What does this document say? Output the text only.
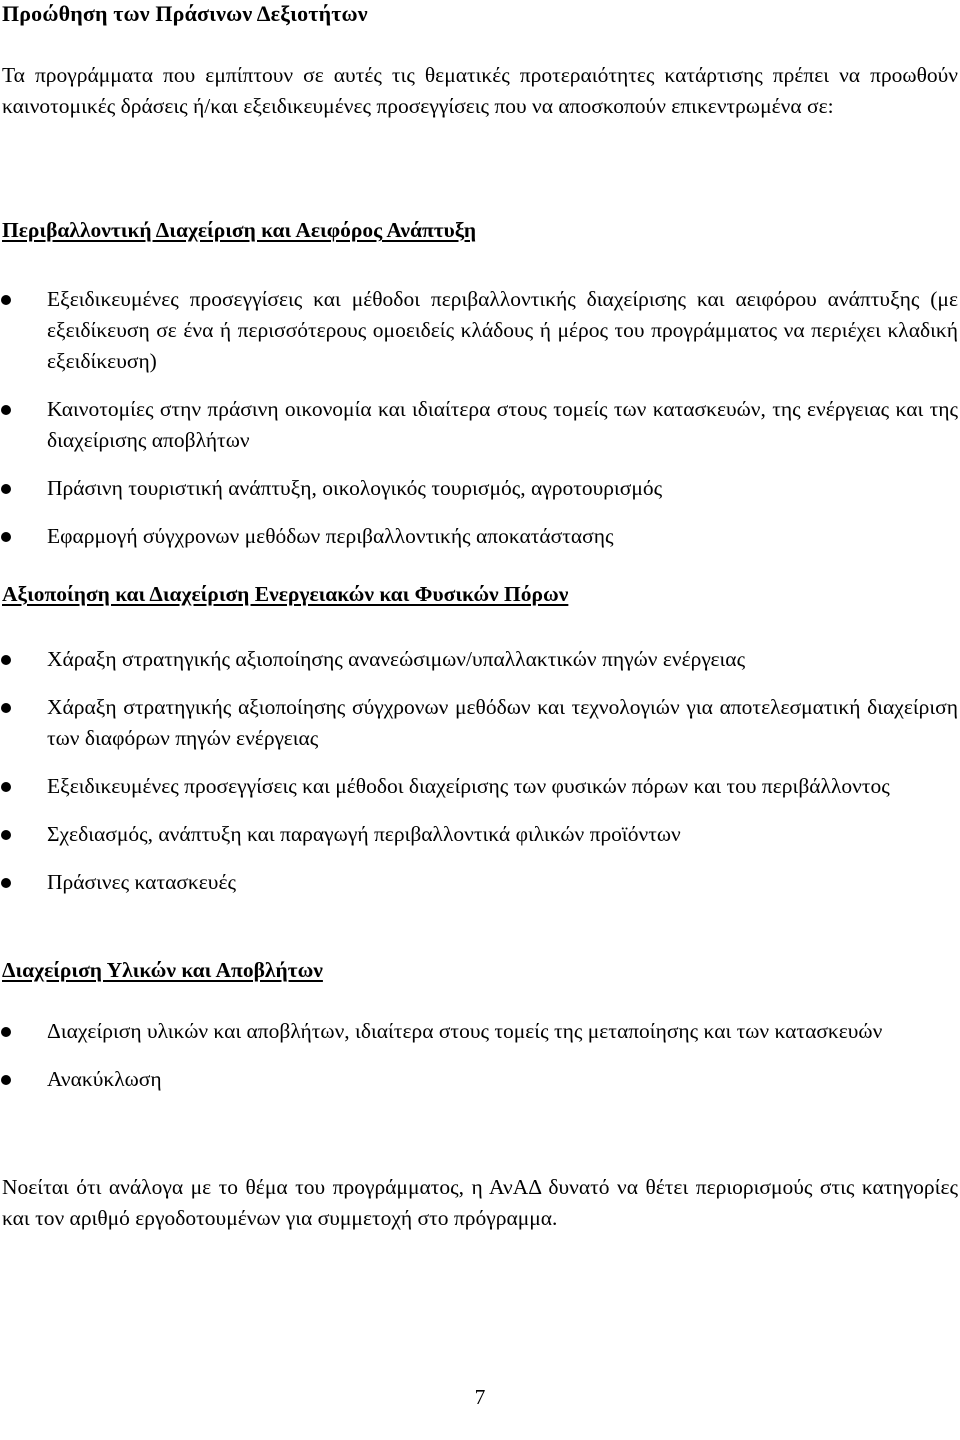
Προώθηση των Πράσινων Δεξιοτήτων

Τα προγράμματα που εμπίπτουν σε αυτές τις θεματικές προτεραιότητες κατάρτισης πρέπει να προωθούν καινοτομικές δράσεις ή/και εξειδικευμένες προσεγγίσεις που να αποσκοπούν επικεντρωμένα σε:

Περιβαλλοντική Διαχείριση και Αειφόρος Ανάπτυξη
Εξειδικευμένες προσεγγίσεις και μέθοδοι περιβαλλοντικής διαχείρισης και αειφόρου ανάπτυξης (με εξειδίκευση σε ένα ή περισσότερους ομοειδείς κλάδους ή μέρος του προγράμματος να περιέχει κλαδική εξειδίκευση)
Καινοτομίες στην πράσινη οικονομία και ιδιαίτερα στους τομείς των κατασκευών, της ενέργειας και της διαχείρισης αποβλήτων
Πράσινη τουριστική ανάπτυξη, οικολογικός τουρισμός, αγροτουρισμός
Εφαρμογή σύγχρονων μεθόδων περιβαλλοντικής αποκατάστασης
Αξιοποίηση και Διαχείριση Ενεργειακών και Φυσικών Πόρων
Χάραξη στρατηγικής αξιοποίησης ανανεώσιμων/υπαλλακτικών πηγών ενέργειας
Χάραξη στρατηγικής αξιοποίησης σύγχρονων μεθόδων και τεχνολογιών για αποτελεσματική διαχείριση των διαφόρων πηγών ενέργειας
Εξειδικευμένες προσεγγίσεις και μέθοδοι διαχείρισης των φυσικών πόρων και του περιβάλλοντος
Σχεδιασμός, ανάπτυξη και παραγωγή περιβαλλοντικά φιλικών προϊόντων
Πράσινες κατασκευές
Διαχείριση Υλικών και Αποβλήτων
Διαχείριση υλικών και αποβλήτων, ιδιαίτερα στους τομείς της μεταποίησης και των κατασκευών
Ανακύκλωση

Νοείται ότι ανάλογα με το θέμα του προγράμματος, η ΑνΑΔ δυνατό να θέτει περιορισμούς στις κατηγορίες και τον αριθμό εργοδοτουμένων για συμμετοχή στο πρόγραμμα.

7
